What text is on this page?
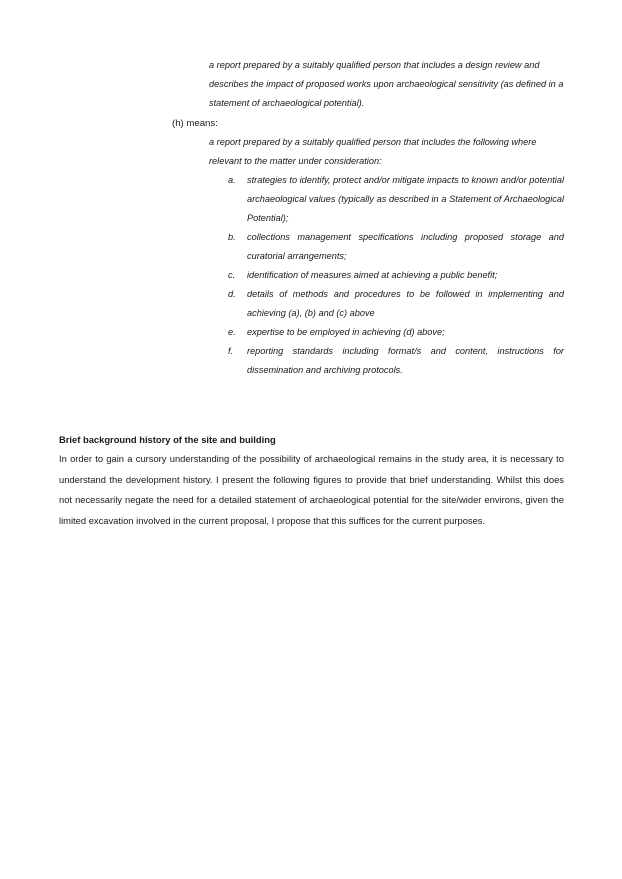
a report prepared by a suitably qualified person that includes a design review and describes the impact of proposed works upon archaeological sensitivity (as defined in a statement of archaeological potential).
(h) means:
a report prepared by a suitably qualified person that includes the following where relevant to the matter under consideration:
a.	strategies to identify, protect and/or mitigate impacts to known and/or potential archaeological values (typically as described in a Statement of Archaeological Potential);
b.	collections management specifications including proposed storage and curatorial arrangements;
c.	identification of measures aimed at achieving a public benefit;
d.	details of methods and procedures to be followed in implementing and achieving (a), (b) and (c) above
e.	expertise to be employed in achieving (d) above;
f.	reporting standards including format/s and content, instructions for dissemination and archiving protocols.

Brief background history of the site and building

In order to gain a cursory understanding of the possibility of archaeological remains in the study area, it is necessary to understand the development history. I present the following figures to provide that brief understanding. Whilst this does not necessarily negate the need for a detailed statement of archaeological potential for the site/wider environs, given the limited excavation involved in the current proposal, I propose that this suffices for the current purposes.
